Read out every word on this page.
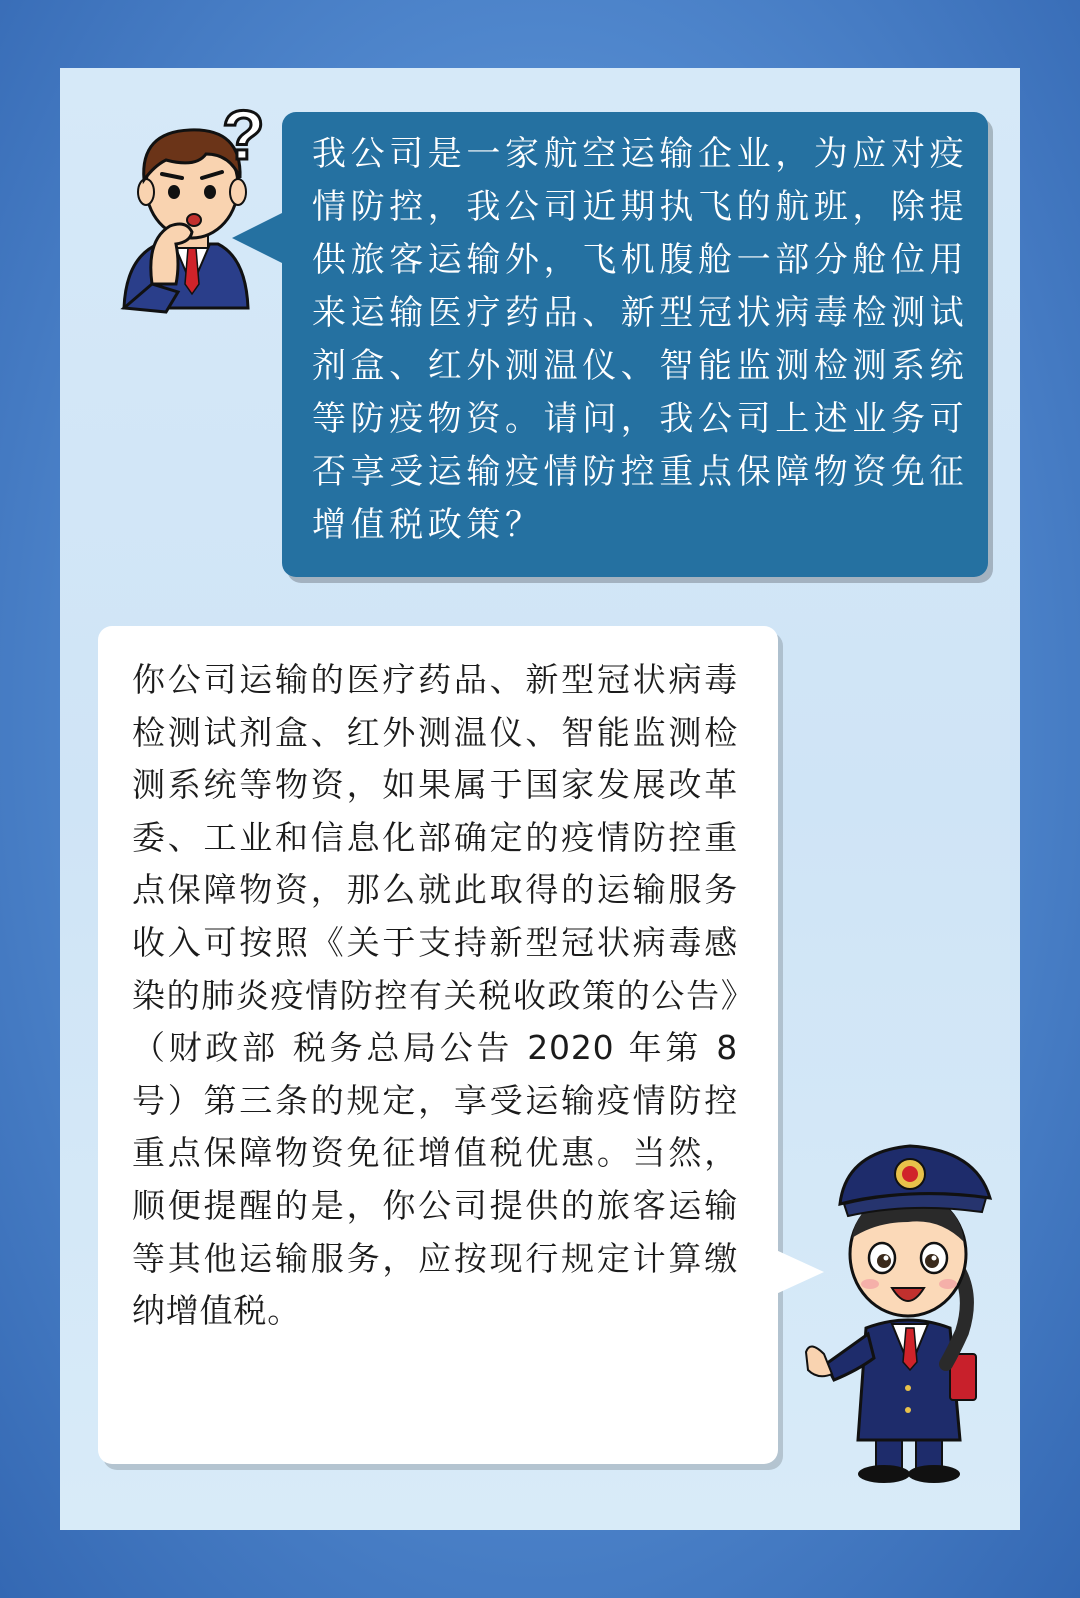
? 我公司是一家航空运输企业，为应对疫情防控，我公司近期执飞的航班，除提供旅客运输外，飞机腹舱一部分舱位用来运输医疗药品、新型冠状病毒检测试剂盒、红外测温仪、智能监测检测系统等防疫物资。请问，我公司上述业务可否享受运输疫情防控重点保障物资免征增值税政策？

你公司运输的医疗药品、新型冠状病毒检测试剂盒、红外测温仪、智能监测检测系统等物资，如果属于国家发展改革委、工业和信息化部确定的疫情防控重点保障物资，那么就此取得的运输服务收入可按照《关于支持新型冠状病毒感染的肺炎疫情防控有关税收政策的公告》（财政部 税务总局公告 2020 年第 8 号）第三条的规定，享受运输疫情防控重点保障物资免征增值税优惠。当然，顺便提醒的是，你公司提供的旅客运输等其他运输服务，应按现行规定计算缴纳增值税。
